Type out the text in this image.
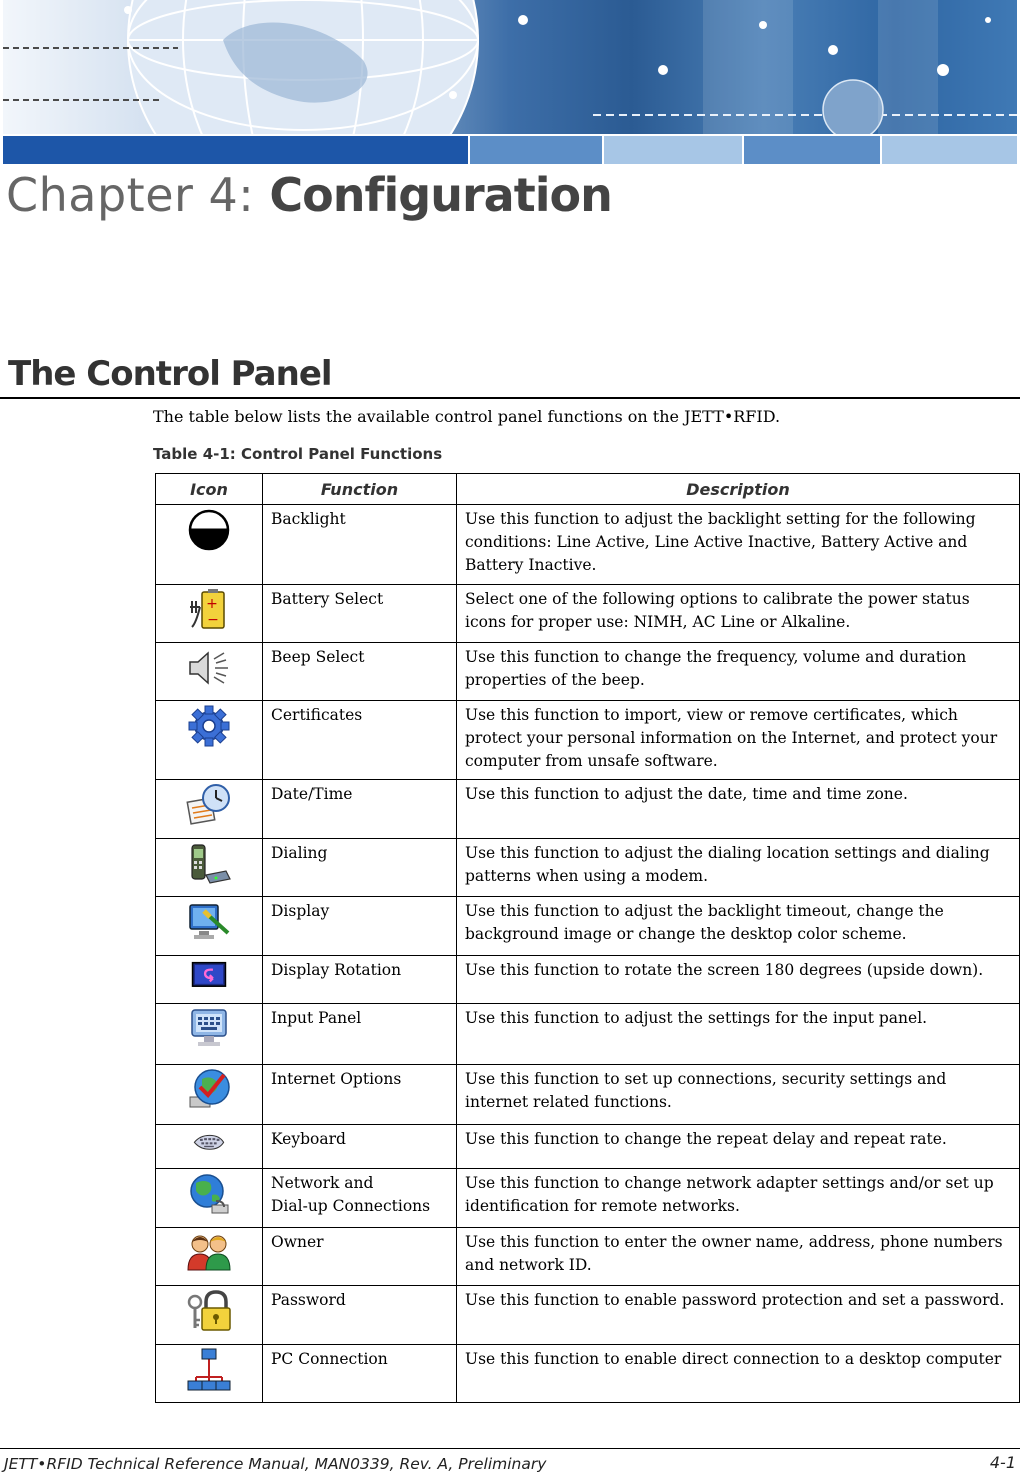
Chapter 4: Configuration
The Control Panel
The table below lists the available control panel functions on the JETT•RFID.
Table 4-1: Control Panel Functions
Icon	Function	Description
	Backlight	Use this function to adjust the backlight setting for the following conditions: Line Active, Line Active Inactive, Battery Active and Battery Inactive.

+
−	Battery Select	Select one of the following options to calibrate the power status icons for proper use: NIMH, AC Line or Alkaline.
	Beep Select	Use this function to change the frequency, volume and duration properties of the beep.
	Certificates	Use this function to import, view or remove certificates, which protect your personal information on the Internet, and protect your computer from unsafe software.
	Date/Time	Use this function to adjust the date, time and time zone.
	Dialing	Use this function to adjust the dialing location settings and dialing patterns when using a modem.
	Display	Use this function to adjust the backlight timeout, change the background image or change the desktop color scheme.
	Display Rotation	Use this function to rotate the screen 180 degrees (upside down).
	Input Panel	Use this function to adjust the settings for the input panel.
	Internet Options	Use this function to set up connections, security settings and internet related functions.
	Keyboard	Use this function to change the repeat delay and repeat rate.
	Network and
Dial-up Connections	Use this function to change network adapter settings and/or set up identification for remote networks.
	Owner	Use this function to enter the owner name, address, phone numbers and network ID.
	Password	Use this function to enable password protection and set a password.
	PC Connection	Use this function to enable direct connection to a desktop computer
JETT•RFID Technical Reference Manual, MAN0339, Rev. A, Preliminary	4-1
